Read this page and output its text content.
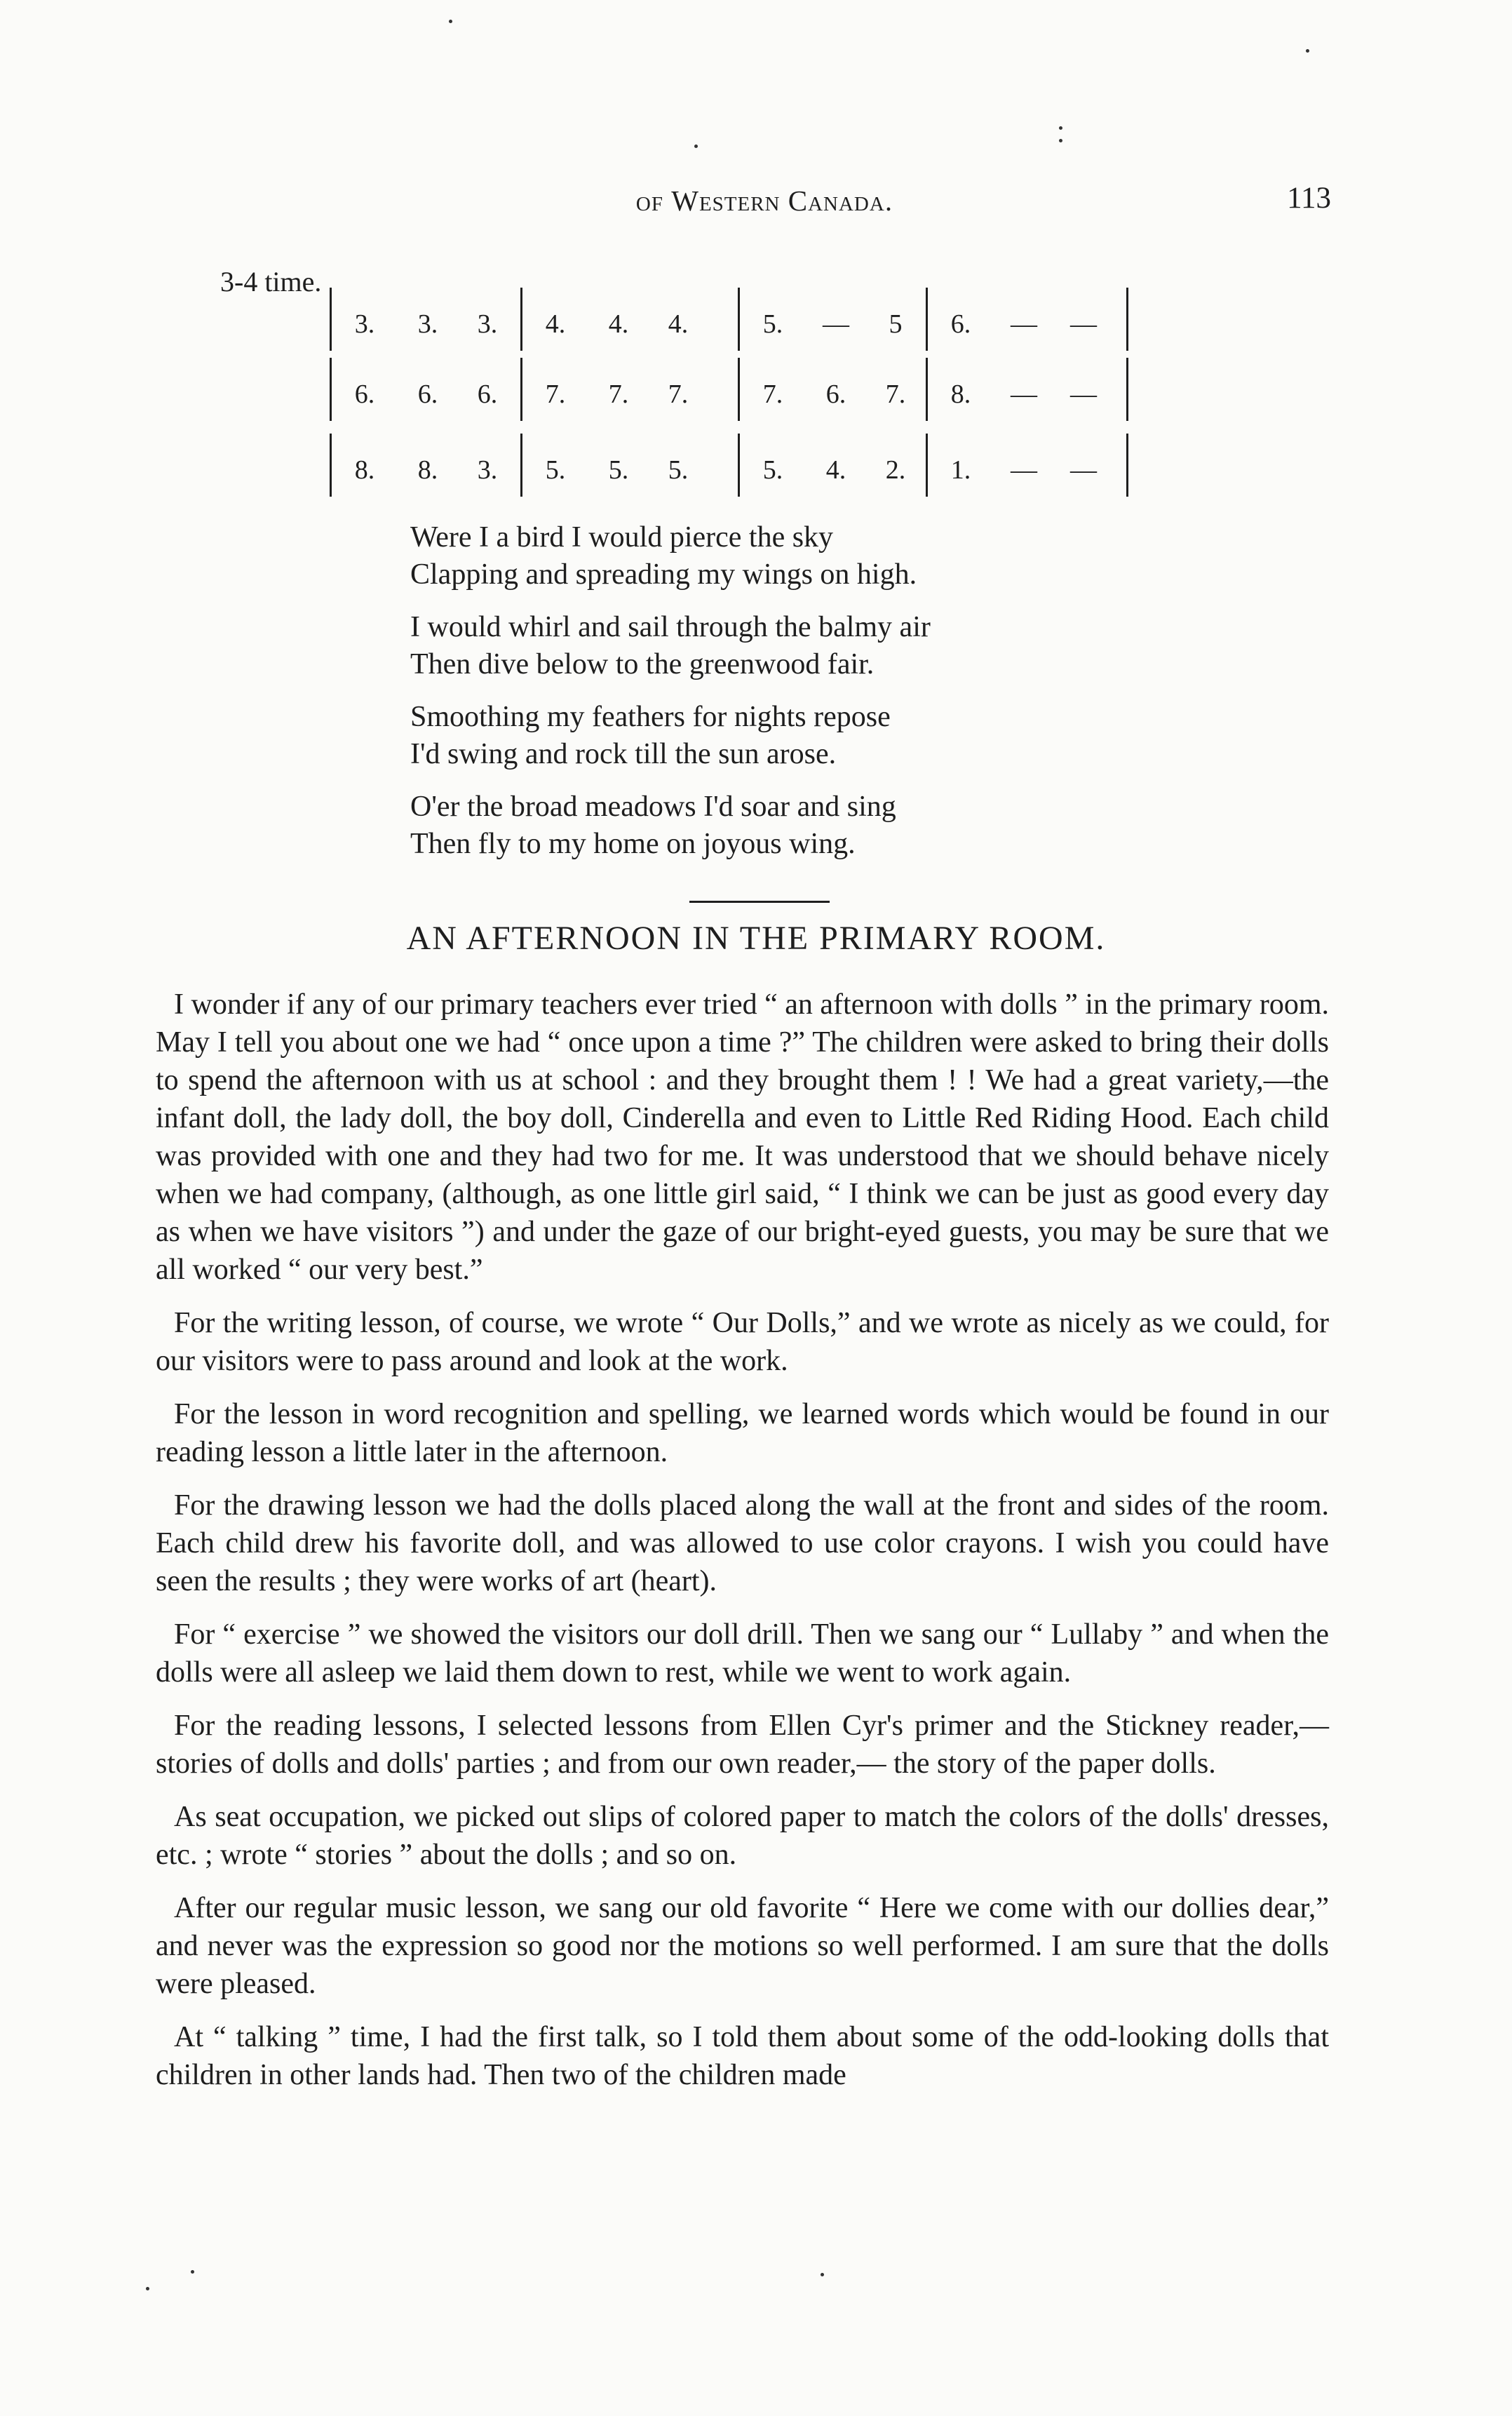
of Western Canada.	113
3-4 time.
3.	3.	3.	4.	4.	4.	5.	—	5	6.	— —
6.	6.	6.	7.	7.	7.	7.	6.	7.	8.	— —
8.	8.	3.	5.	5.	5.	5.	4.	2.	1.	— —
Were I a bird I would pierce the sky
Clapping and spreading my wings on high.
I would whirl and sail through the balmy air
Then dive below to the greenwood fair.
Smoothing my feathers for nights repose
I'd swing and rock till the sun arose.
O'er the broad meadows I'd soar and sing
Then fly to my home on joyous wing.
AN AFTERNOON IN THE PRIMARY ROOM.

I wonder if any of our primary teachers ever tried “ an afternoon with dolls ” in the primary room. May I tell you about one we had “ once upon a time ?” The children were asked to bring their dolls to spend the afternoon with us at school : and they brought them ! ! We had a great variety,—the infant doll, the lady doll, the boy doll, Cinderella and even to Little Red Riding Hood. Each child was provided with one and they had two for me. It was understood that we should behave nicely when we had company, (although, as one little girl said, “ I think we can be just as good every day as when we have visitors ”) and under the gaze of our bright-eyed guests, you may be sure that we all worked “ our very best.”

For the writing lesson, of course, we wrote “ Our Dolls,” and we wrote as nicely as we could, for our visitors were to pass around and look at the work.

For the lesson in word recognition and spelling, we learned words which would be found in our reading lesson a little later in the afternoon.

For the drawing lesson we had the dolls placed along the wall at the front and sides of the room. Each child drew his favorite doll, and was allowed to use color crayons. I wish you could have seen the results ; they were works of art (heart).

For “ exercise ” we showed the visitors our doll drill. Then we sang our “ Lullaby ” and when the dolls were all asleep we laid them down to rest, while we went to work again.

For the reading lessons, I selected lessons from Ellen Cyr's primer and the Stickney reader,—stories of dolls and dolls' parties ; and from our own reader,— the story of the paper dolls.

As seat occupation, we picked out slips of colored paper to match the colors of the dolls' dresses, etc. ; wrote “ stories ” about the dolls ; and so on.

After our regular music lesson, we sang our old favorite “ Here we come with our dollies dear,” and never was the expression so good nor the motions so well performed. I am sure that the dolls were pleased.

At “ talking ” time, I had the first talk, so I told them about some of the odd-looking dolls that children in other lands had. Then two of the children made
